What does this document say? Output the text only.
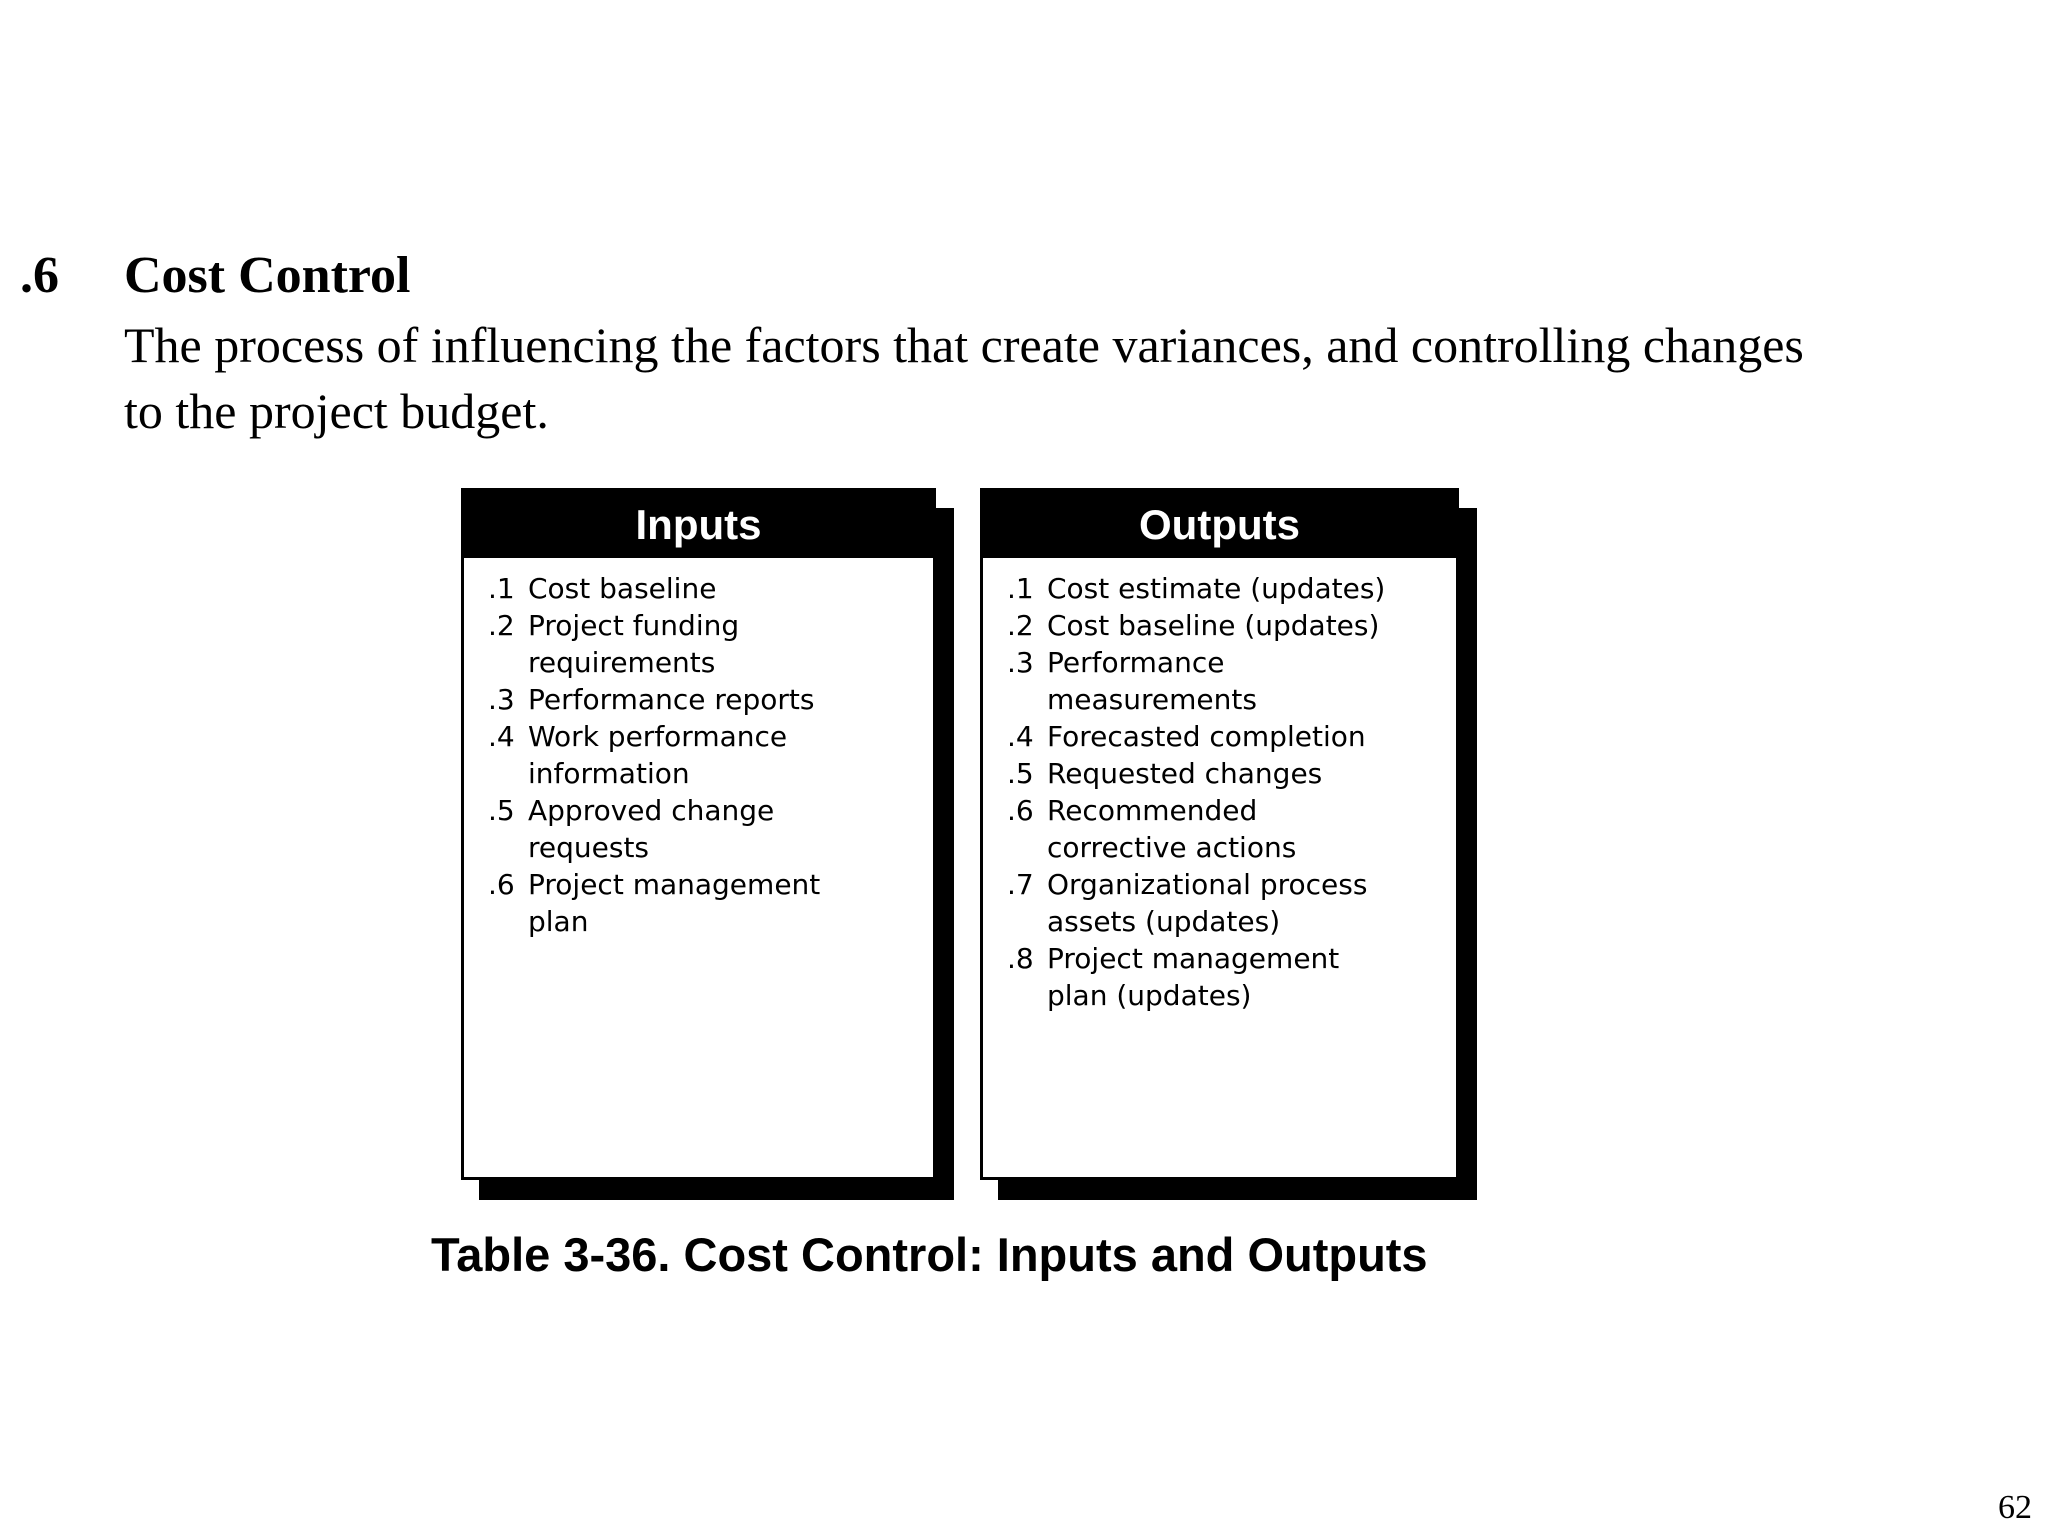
.6 Cost Control
The process of influencing the factors that create variances, and controlling changes
to the project budget.
Inputs
.1 Cost baseline
.2 Project funding
requirements
.3 Performance reports
.4 Work performance
information
.5 Approved change
requests
.6 Project management
plan
Outputs
.1 Cost estimate (updates)
.2 Cost baseline (updates)
.3 Performance
measurements
.4 Forecasted completion
.5 Requested changes
.6 Recommended
corrective actions
.7 Organizational process
assets (updates)
.8 Project management
plan (updates)
Table 3-36. Cost Control: Inputs and Outputs
62
